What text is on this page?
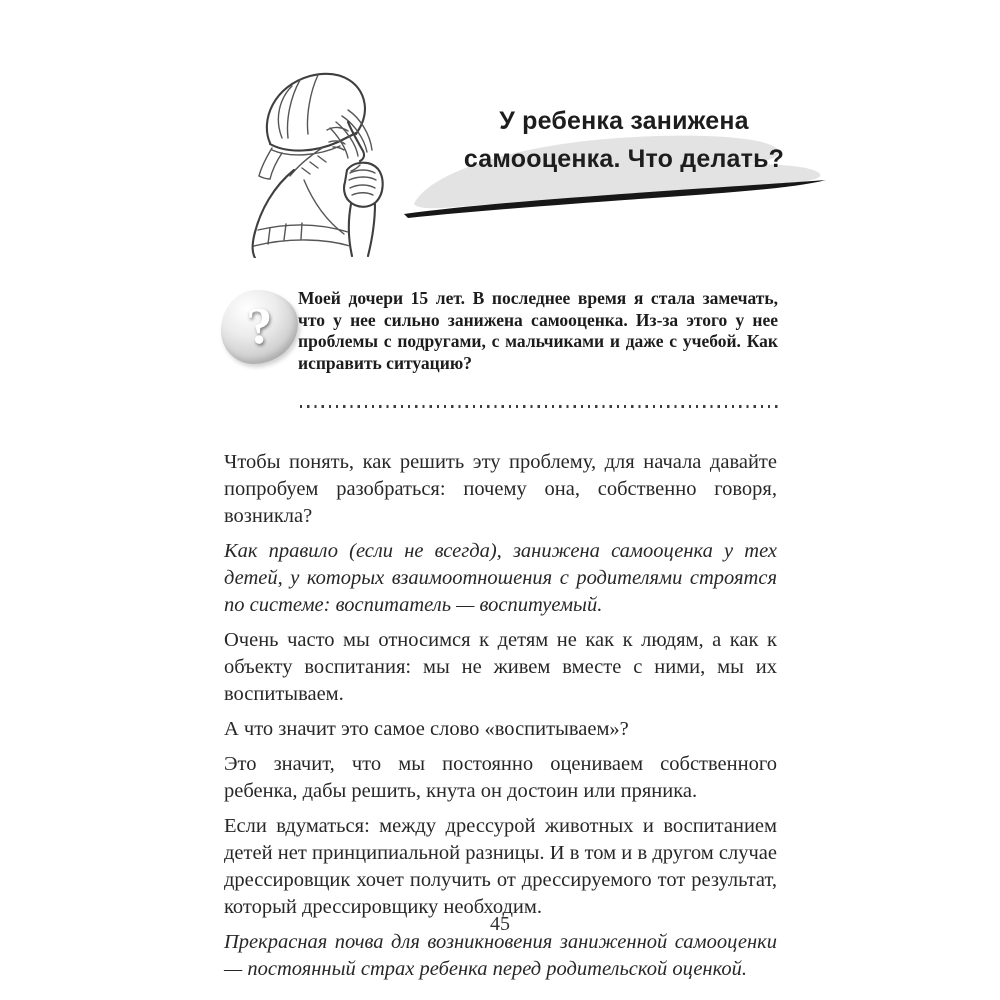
У ребенка занижена
самооценка. Что делать?
? Моей дочери 15 лет. В последнее время я стала замечать, что у нее сильно занижена самооценка. Из-за этого у нее проблемы с подругами, с мальчиками и даже с учебой. Как исправить ситуацию?

Чтобы понять, как решить эту проблему, для начала давайте попробуем разобраться: почему она, собственно говоря, возникла?

Как правило (если не всегда), занижена самооценка у тех детей, у которых взаимоотношения с родителями строятся по системе: воспитатель — воспитуемый.

Очень часто мы относимся к детям не как к людям, а как к объекту воспитания: мы не живем вместе с ними, мы их воспитываем.

А что значит это самое слово «воспитываем»?

Это значит, что мы постоянно оцениваем собственного ребенка, дабы решить, кнута он достоин или пряника.

Если вдуматься: между дрессурой животных и воспитанием детей нет принципиальной разницы. И в том и в другом случае дрессировщик хочет получить от дрессируемого тот результат, который дрессировщику необходим.

Прекрасная почва для возникновения заниженной самооценки — постоянный страх ребенка перед родительской оценкой.

45
